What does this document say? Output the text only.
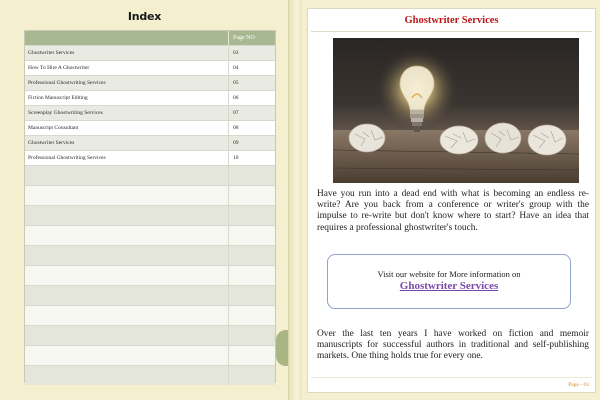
Index
Page NO
Ghostwriter Services	03
How To Hire A Ghostwriter	04
Professional Ghostwriting Services	05
Fiction Manuscript Editing	06
Screenplay Ghostwriting Services	07
Manuscript Consultant	08
Ghostwriter Services	09
Professional Ghostwriting Services	10
Ghostwriter Services
Have you run into a dead end with what is becoming an endless re-write? Are you back from a conference or writer's group with the impulse to re-write but don't know where to start? Have an idea that requires a professional ghostwriter's touch.
Visit our website for More information on
Ghostwriter Services
Over the last ten years I have worked on fiction and memoir manuscripts for successful authors in traditional and self-publishing markets. One thing holds true for every one.
Page - 03
